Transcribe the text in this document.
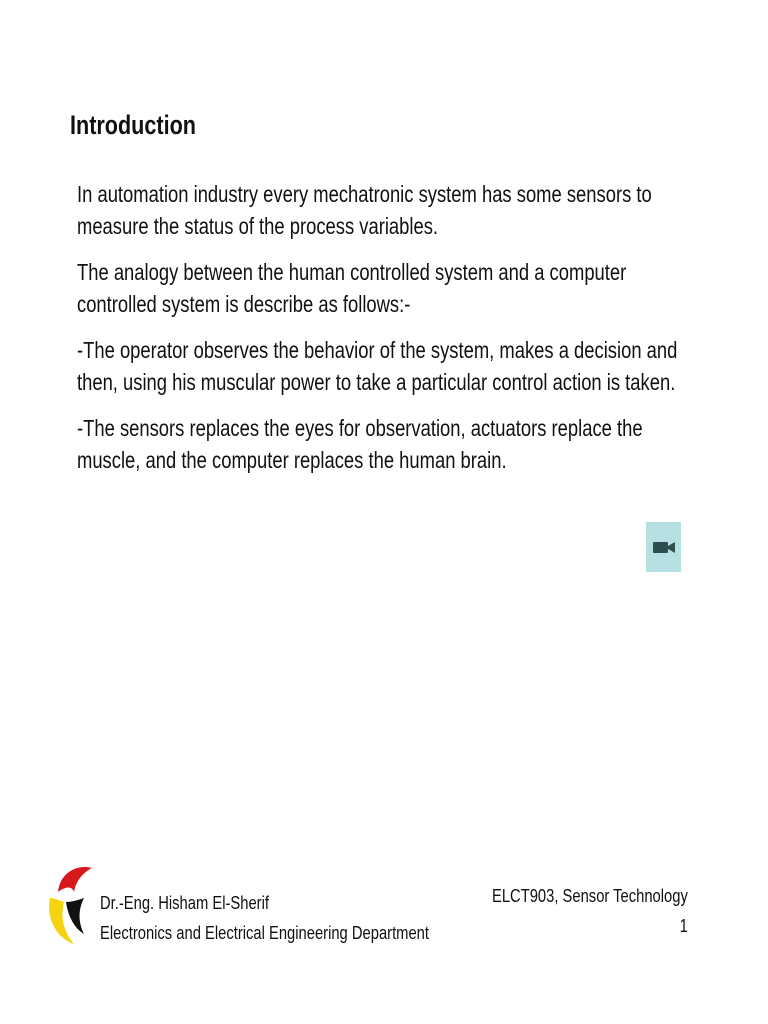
Introduction

In automation industry every mechatronic system has some sensors to measure the status of the process variables.

The analogy between the human controlled system and a computer controlled system is describe as follows:-

-The operator observes the behavior of the system, makes a decision and then, using his muscular power to take a particular control action is taken.

-The sensors replaces the eyes for observation, actuators replace the muscle, and the computer replaces the human brain.

Dr.-Eng. Hisham El-Sherif
Electronics and Electrical Engineering Department
ELCT903, Sensor Technology
1
